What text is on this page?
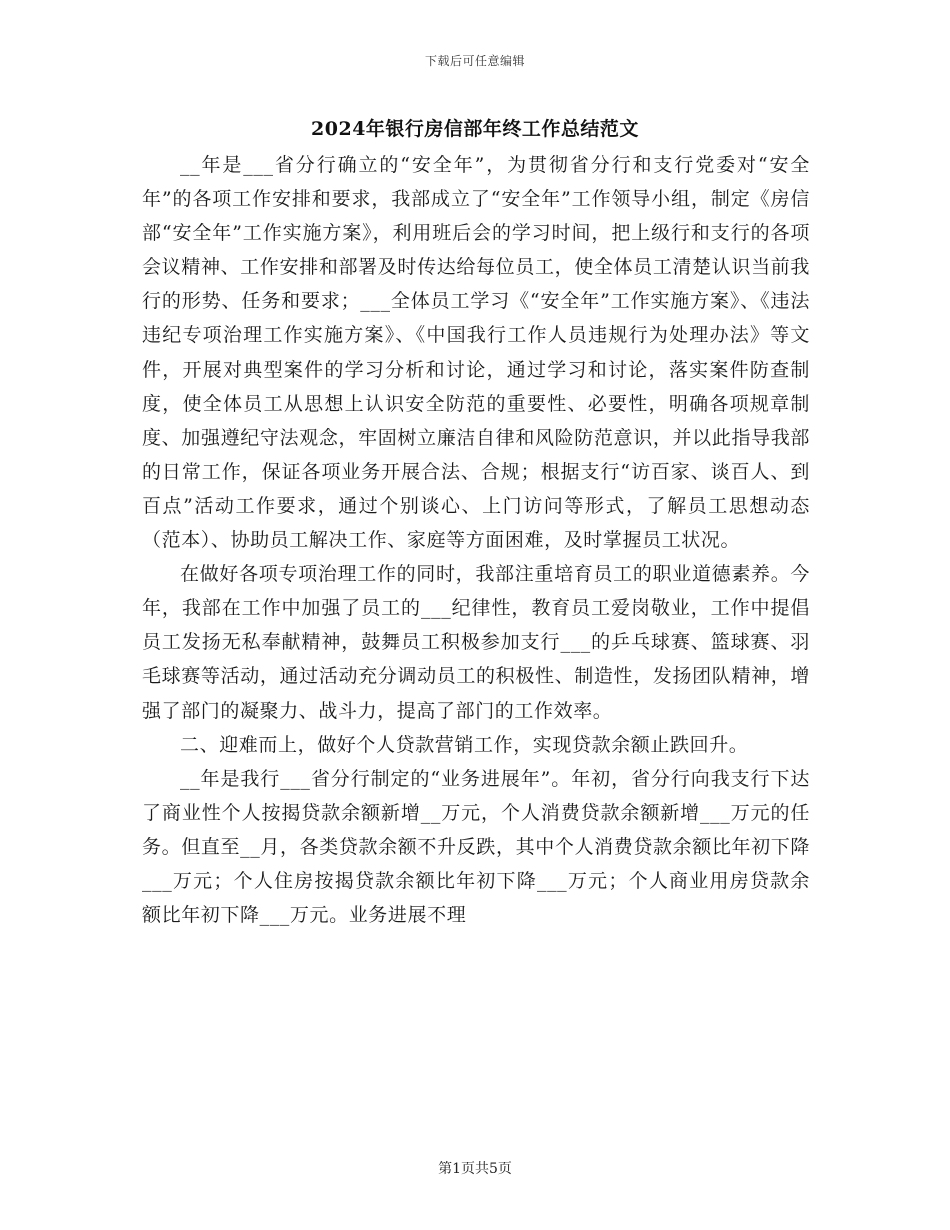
下载后可任意编辑
2024年银行房信部年终工作总结范文

__年是___省分行确立的“安全年”，为贯彻省分行和支行党委对“安全年”的各项工作安排和要求，我部成立了“安全年”工作领导小组，制定《房信部“安全年”工作实施方案》，利用班后会的学习时间，把上级行和支行的各项会议精神、工作安排和部署及时传达给每位员工，使全体员工清楚认识当前我行的形势、任务和要求；___全体员工学习《“安全年”工作实施方案》、《违法违纪专项治理工作实施方案》、《中国我行工作人员违规行为处理办法》等文件，开展对典型案件的学习分析和讨论，通过学习和讨论，落实案件防查制度，使全体员工从思想上认识安全防范的重要性、必要性，明确各项规章制度、加强遵纪守法观念，牢固树立廉洁自律和风险防范意识，并以此指导我部的日常工作，保证各项业务开展合法、合规；根据支行“访百家、谈百人、到百点”活动工作要求，通过个别谈心、上门访问等形式，了解员工思想动态（范本）、协助员工解决工作、家庭等方面困难，及时掌握员工状况。

在做好各项专项治理工作的同时，我部注重培育员工的职业道德素养。今年，我部在工作中加强了员工的___纪律性，教育员工爱岗敬业，工作中提倡员工发扬无私奉献精神，鼓舞员工积极参加支行___的乒乓球赛、篮球赛、羽毛球赛等活动，通过活动充分调动员工的积极性、制造性，发扬团队精神，增强了部门的凝聚力、战斗力，提高了部门的工作效率。

二、迎难而上，做好个人贷款营销工作，实现贷款余额止跌回升。

__年是我行___省分行制定的“业务进展年”。年初，省分行向我支行下达了商业性个人按揭贷款余额新增__万元，个人消费贷款余额新增___万元的任务。但直至__月，各类贷款余额不升反跌，其中个人消费贷款余额比年初下降___万元；个人住房按揭贷款余额比年初下降___万元；个人商业用房贷款余额比年初下降___万元。业务进展不理

第1页共5页
